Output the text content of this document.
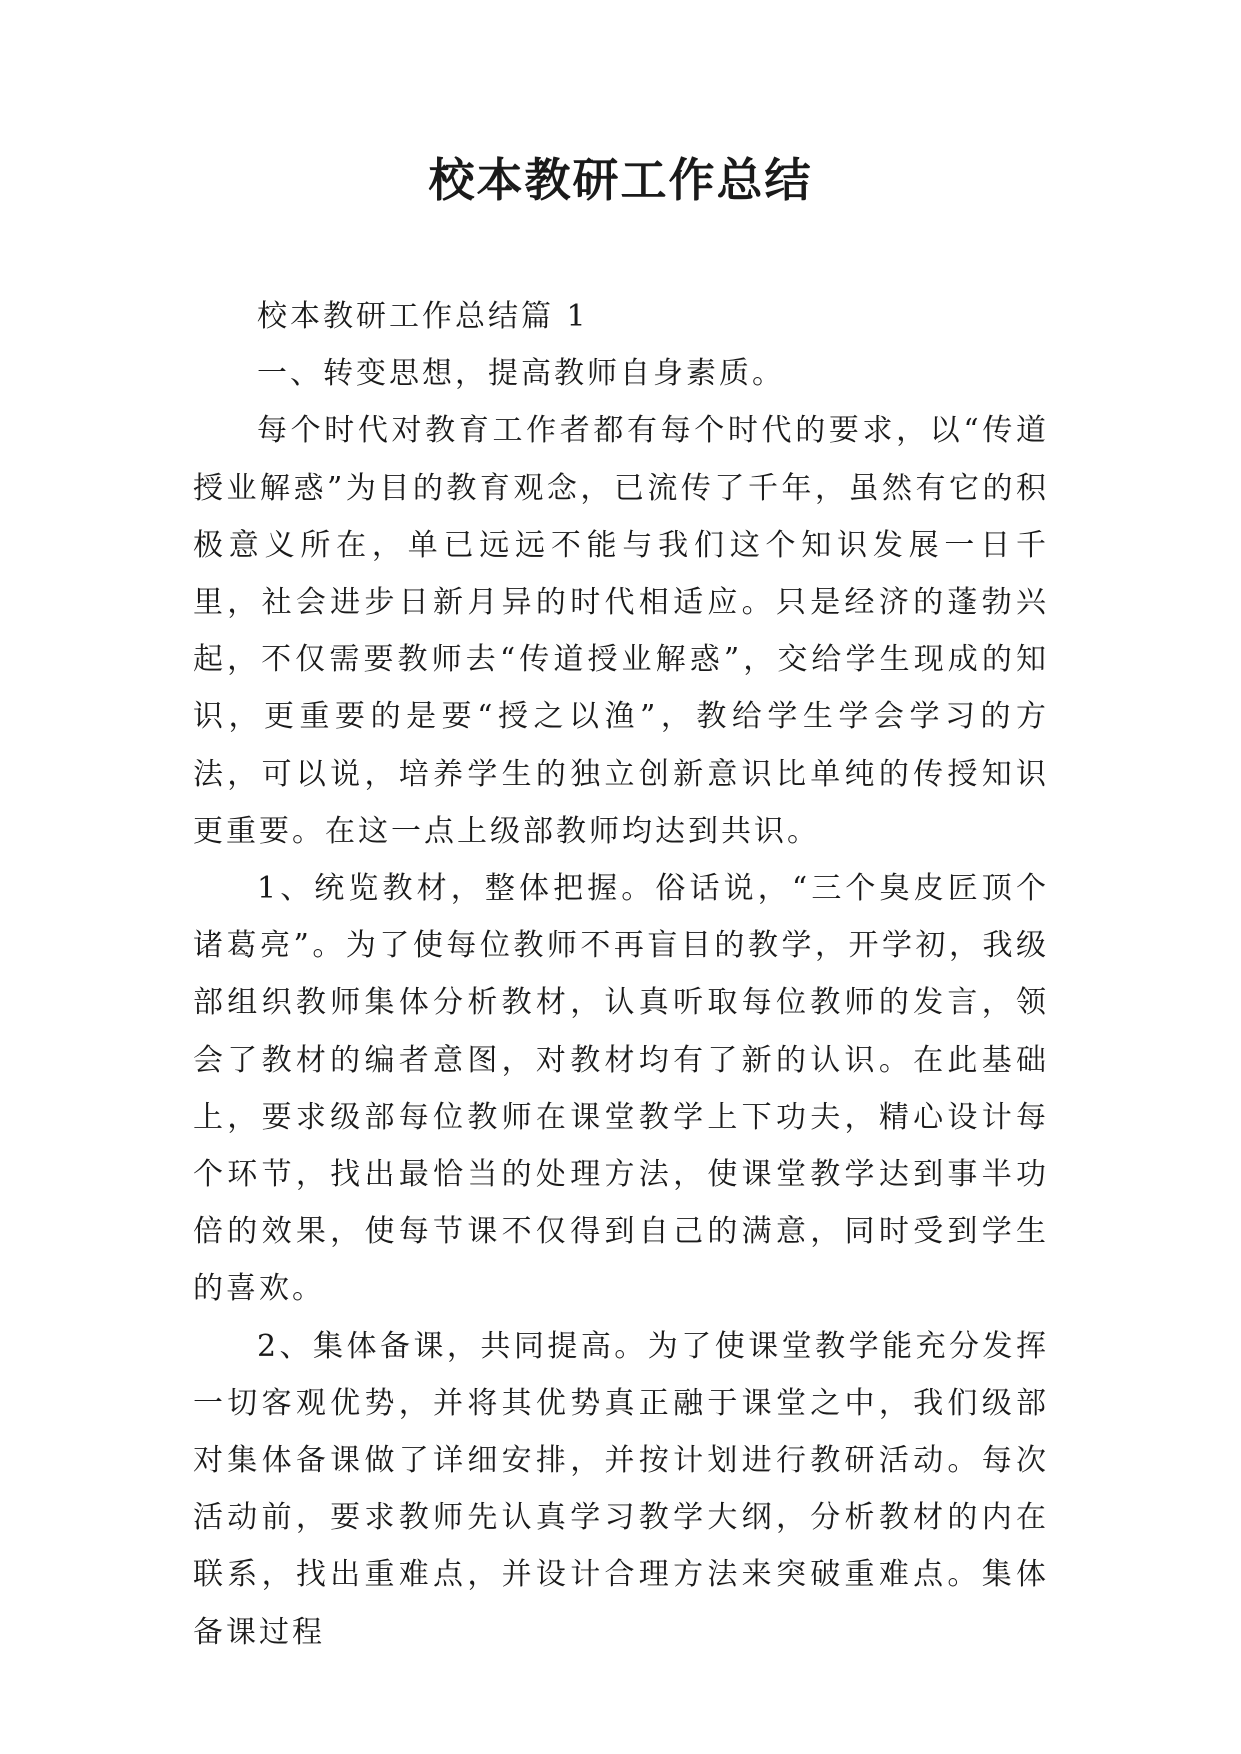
校本教研工作总结

校本教研工作总结篇 1

一、转变思想，提高教师自身素质。

每个时代对教育工作者都有每个时代的要求，以“传道授业解惑”为目的教育观念，已流传了千年，虽然有它的积极意义所在，单已远远不能与我们这个知识发展一日千里，社会进步日新月异的时代相适应。只是经济的蓬勃兴起，不仅需要教师去“传道授业解惑”，交给学生现成的知识，更重要的是要“授之以渔”，教给学生学会学习的方法，可以说，培养学生的独立创新意识比单纯的传授知识更重要。在这一点上级部教师均达到共识。

1、统览教材，整体把握。俗话说，“三个臭皮匠顶个诸葛亮”。为了使每位教师不再盲目的教学，开学初，我级部组织教师集体分析教材，认真听取每位教师的发言，领会了教材的编者意图，对教材均有了新的认识。在此基础上，要求级部每位教师在课堂教学上下功夫，精心设计每个环节，找出最恰当的处理方法，使课堂教学达到事半功倍的效果，使每节课不仅得到自己的满意，同时受到学生的喜欢。

2、集体备课，共同提高。为了使课堂教学能充分发挥一切客观优势，并将其优势真正融于课堂之中，我们级部对集体备课做了详细安排，并按计划进行教研活动。每次活动前，要求教师先认真学习教学大纲，分析教材的内在联系，找出重难点，并设计合理方法来突破重难点。集体备课过程
